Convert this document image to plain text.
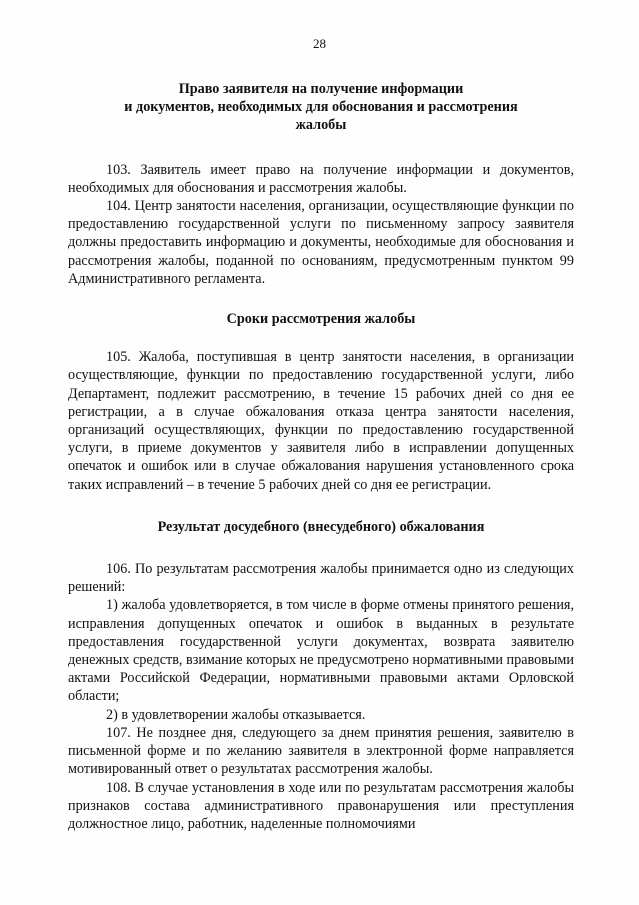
28
Право заявителя на получение информации
и документов, необходимых для обоснования и рассмотрения
жалобы

103. Заявитель имеет право на получение информации и документов, необходимых для обоснования и рассмотрения жалобы.

104. Центр занятости населения, организации, осуществляющие функции по предоставлению государственной услуги по письменному запросу заявителя должны предоставить информацию и документы, необходимые для обоснования и рассмотрения жалобы, поданной по основаниям, предусмотренным пунктом 99 Административного регламента.

Сроки рассмотрения жалобы

105. Жалоба, поступившая в центр занятости населения, в организации осуществляющие, функции по предоставлению государственной услуги, либо Департамент, подлежит рассмотрению, в течение 15 рабочих дней со дня ее регистрации, а в случае обжалования отказа центра занятости населения, организаций осуществляющих, функции по предоставлению государственной услуги, в приеме документов у заявителя либо в исправлении допущенных опечаток и ошибок или в случае обжалования нарушения установленного срока таких исправлений – в течение 5 рабочих дней со дня ее регистрации.

Результат досудебного (внесудебного) обжалования

106. По результатам рассмотрения жалобы принимается одно из следующих решений:

1) жалоба удовлетворяется, в том числе в форме отмены принятого решения, исправления допущенных опечаток и ошибок в выданных в результате предоставления государственной услуги документах, возврата заявителю денежных средств, взимание которых не предусмотрено нормативными правовыми актами Российской Федерации, нормативными правовыми актами Орловской области;

2) в удовлетворении жалобы отказывается.

107. Не позднее дня, следующего за днем принятия решения, заявителю в письменной форме и по желанию заявителя в электронной форме направляется мотивированный ответ о результатах рассмотрения жалобы.

108. В случае установления в ходе или по результатам рассмотрения жалобы признаков состава административного правонарушения или преступления должностное лицо, работник, наделенные полномочиями
